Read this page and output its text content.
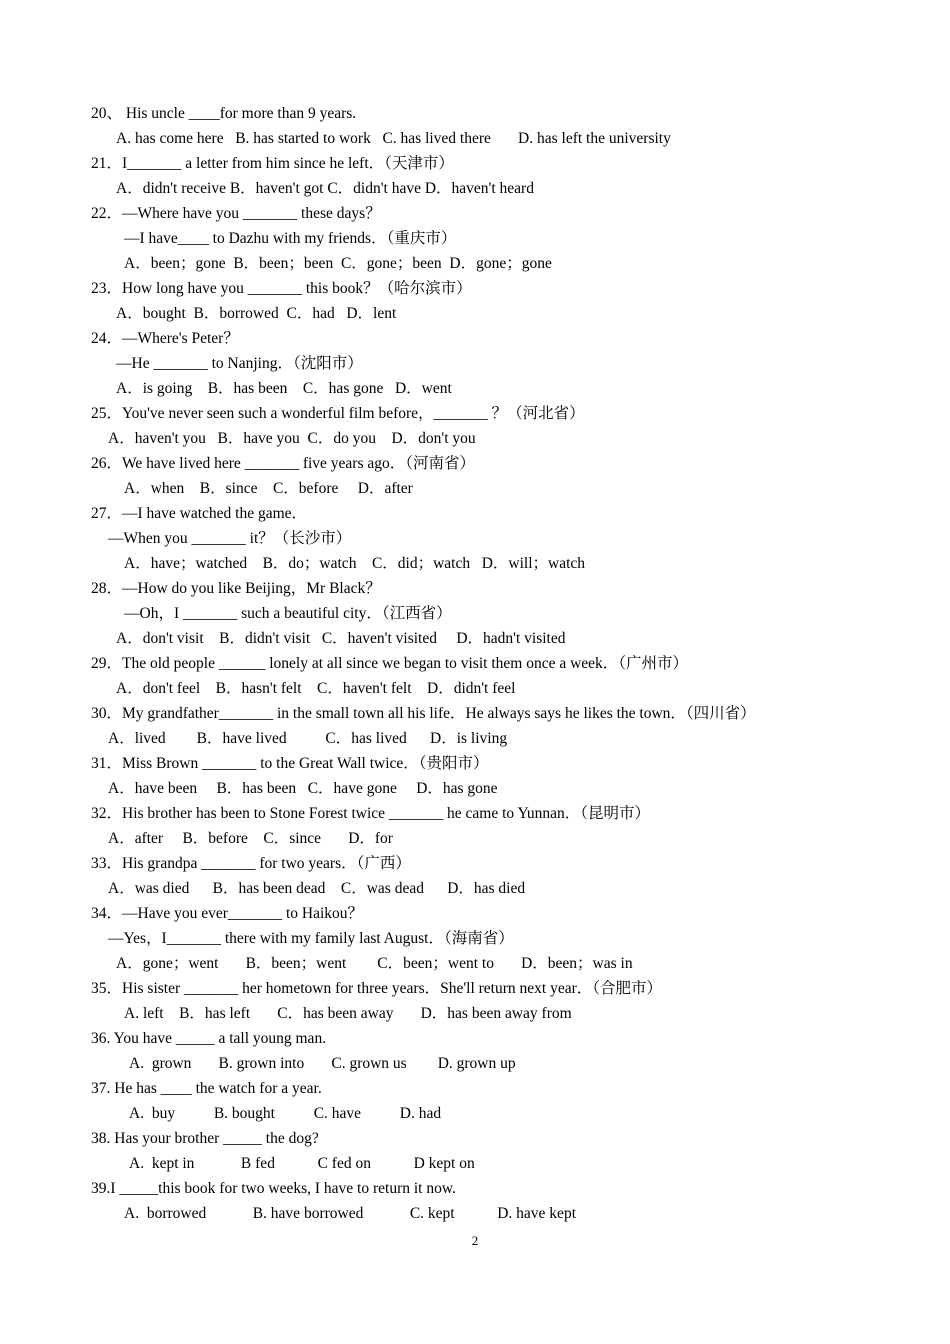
20、 His uncle ____for more than 9 years.
A. has come here   B. has started to work   C. has lived there       D. has left the university
21．I_______ a letter from him since he left．（天津市）
A．didn't receive B．haven't got C．didn't have D．haven't heard
22．—Where have you _______ these days？
—I have____ to Dazhu with my friends．（重庆市）
A．been；gone  B．been；been  C．gone；been  D．gone；gone
23．How long have you _______ this book？（哈尔滨市）
A．bought  B．borrowed  C．had   D．lent
24．—Where's Peter？
—He _______ to Nanjing．（沈阳市）
A．is going    B．has been    C．has gone   D．went
25．You've never seen such a wonderful film before，_______ ？（河北省）
A．haven't you   B．have you  C．do you    D．don't you
26．We have lived here _______ five years ago．（河南省）
A．when    B．since    C．before     D．after
27．—I have watched the game．
—When you _______ it？（长沙市）
A．have；watched    B．do；watch    C．did；watch   D．will；watch
28．—How do you like Beijing，Mr Black？
—Oh，I _______ such a beautiful city．（江西省）
A．don't visit    B．didn't visit   C．haven't visited     D．hadn't visited
29．The old people ______ lonely at all since we began to visit them once a week．（广州市）
A．don't feel    B．hasn't felt    C．haven't felt    D．didn't feel
30．My grandfather_______ in the small town all his life．He always says he likes the town．（四川省）
A．lived        B．have lived          C．has lived      D．is living
31．Miss Brown _______ to the Great Wall twice．（贵阳市）
A．have been     B．has been   C．have gone     D．has gone
32．His brother has been to Stone Forest twice _______ he came to Yunnan．（昆明市）
A．after     B．before    C．since       D．for
33．His grandpa _______ for two years．（广西）
A．was died      B．has been dead    C．was dead      D．has died
34．—Have you ever_______ to Haikou？
—Yes，I_______ there with my family last August．（海南省）
A．gone；went       B．been；went        C．been；went to       D．been；was in
35．His sister _______ her hometown for three years．She'll return next year．（合肥市）
A. left    B．has left       C．has been away       D．has been away from
36. You have _____ a tall young man.
A.  grown       B. grown into       C. grown us        D. grown up
37. He has ____ the watch for a year.
A.  buy          B. bought          C. have          D. had
38. Has your brother _____ the dog?
A.  kept in            B fed           C fed on           D kept on
39.I _____this book for two weeks, I have to return it now.
A.  borrowed            B. have borrowed            C. kept           D. have kept
2
